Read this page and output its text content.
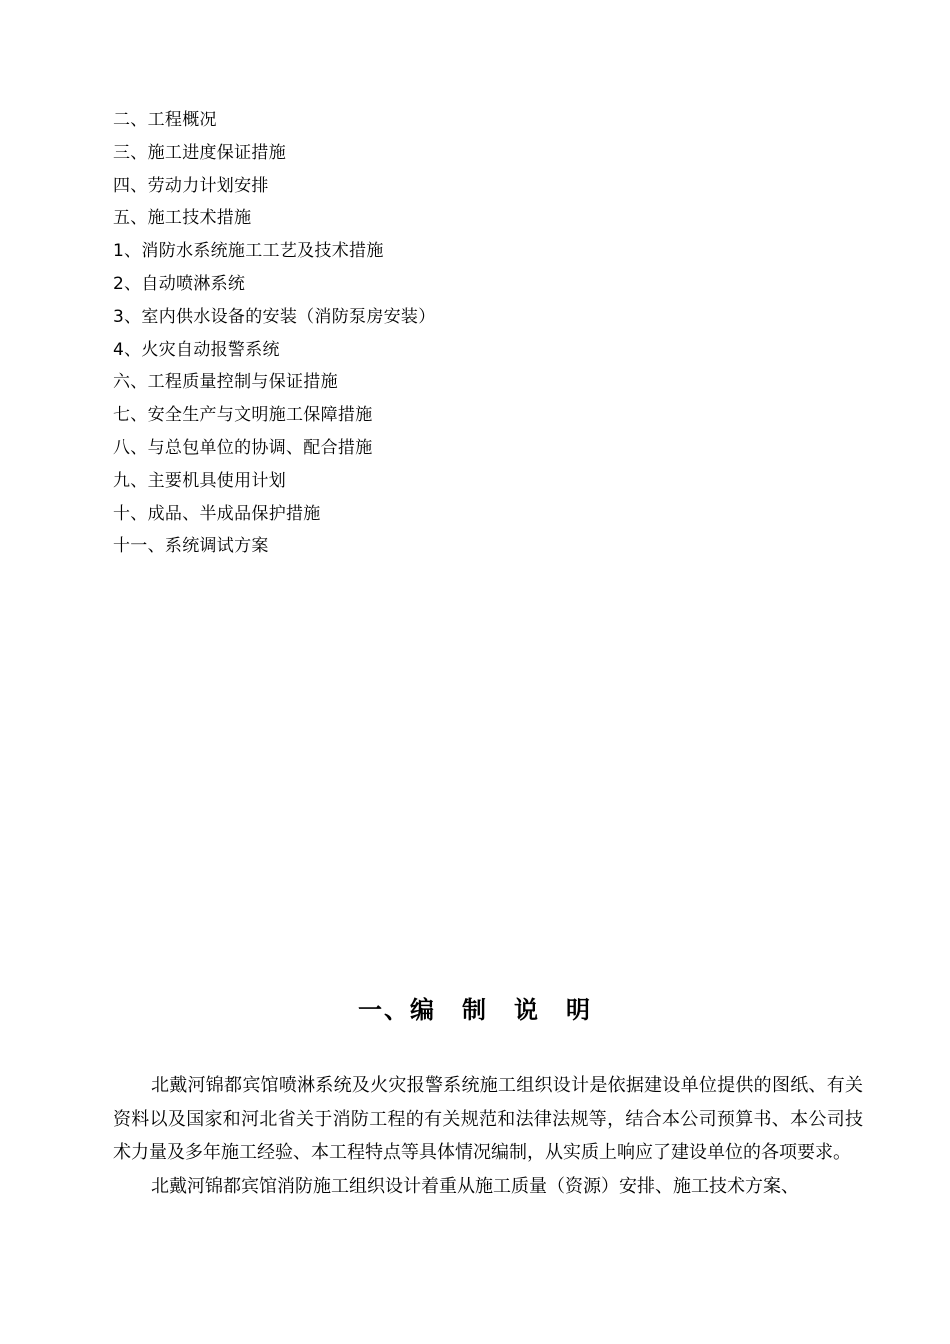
二、工程概况
三、施工进度保证措施
四、劳动力计划安排
五、施工技术措施
1、消防水系统施工工艺及技术措施
2、自动喷淋系统
3、室内供水设备的安装（消防泵房安装）
4、火灾自动报警系统
六、工程质量控制与保证措施
七、安全生产与文明施工保障措施
八、与总包单位的协调、配合措施
九、主要机具使用计划
十、成品、半成品保护措施
十一、系统调试方案
一、编　制　说　明

北戴河锦都宾馆喷淋系统及火灾报警系统施工组织设计是依据建设单位提供的图纸、有关资料以及国家和河北省关于消防工程的有关规范和法律法规等，结合本公司预算书、本公司技术力量及多年施工经验、本工程特点等具体情况编制，从实质上响应了建设单位的各项要求。

北戴河锦都宾馆消防施工组织设计着重从施工质量（资源）安排、施工技术方案、
